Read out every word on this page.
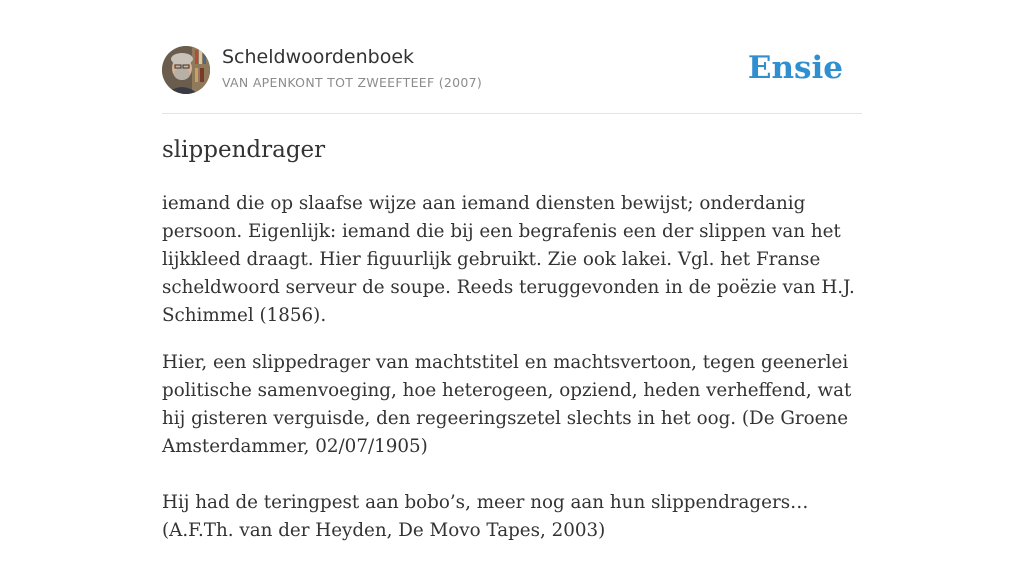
Scheldwoordenboek
VAN APENKONT TOT ZWEEFTEEF (2007)	Ensie
slippendrager

iemand die op slaafse wijze aan iemand diensten bewijst; onderdanig persoon. Eigenlijk: iemand die bij een begrafenis een der slippen van het lijkkleed draagt. Hier figuurlijk gebruikt. Zie ook lakei. Vgl. het Franse scheldwoord serveur de soupe. Reeds teruggevonden in de poëzie van H.J. Schimmel (1856).

Hier, een slippedrager van machtstitel en machtsvertoon, tegen geenerlei politische samenvoeging, hoe heterogeen, opziend, heden verheffend, wat hij gisteren verguisde, den regeeringszetel slechts in het oog. (De Groene Amsterdammer, 02/07/1905)

Hij had de teringpest aan bobo’s, meer nog aan hun slippendragers… (A.F.Th. van der Heyden, De Movo Tapes, 2003)
